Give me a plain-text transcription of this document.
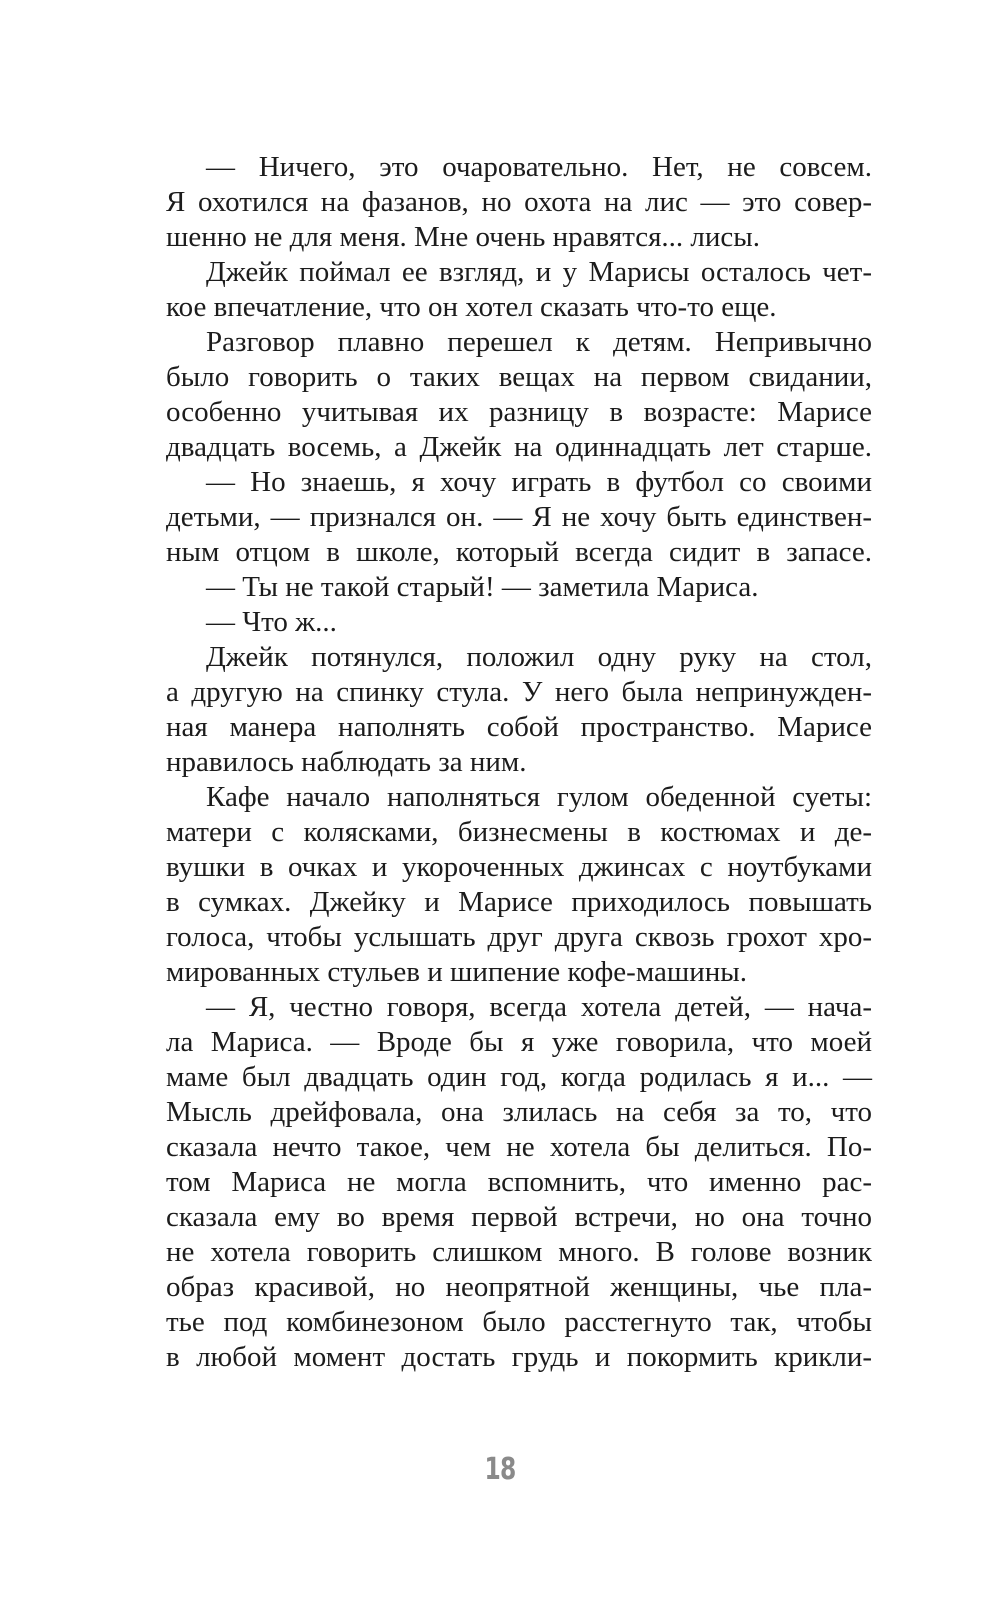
— Ничего, это очаровательно. Нет, не совсем.
Я охотился на фазанов, но охота на лис — это совер-
шенно не для меня. Мне очень нравятся... лисы.
Джейк поймал ее взгляд, и у Марисы осталось чет-
кое впечатление, что он хотел сказать что-то еще.
Разговор плавно перешел к детям. Непривычно
было говорить о таких вещах на первом свидании,
особенно учитывая их разницу в возрасте: Марисе
двадцать восемь, а Джейк на одиннадцать лет старше.
— Но знаешь, я хочу играть в футбол со своими
детьми, — признался он. — Я не хочу быть единствен-
ным отцом в школе, который всегда сидит в запасе.
— Ты не такой старый! — заметила Мариса.
— Что ж...
Джейк потянулся, положил одну руку на стол,
а другую на спинку стула. У него была непринужден-
ная манера наполнять собой пространство. Марисе
нравилось наблюдать за ним.
Кафе начало наполняться гулом обеденной суеты:
матери с колясками, бизнесмены в костюмах и де-
вушки в очках и укороченных джинсах с ноутбуками
в сумках. Джейку и Марисе приходилось повышать
голоса, чтобы услышать друг друга сквозь грохот хро-
мированных стульев и шипение кофе-машины.
— Я, честно говоря, всегда хотела детей, — нача-
ла Мариса. — Вроде бы я уже говорила, что моей
маме был двадцать один год, когда родилась я и... —
Мысль дрейфовала, она злилась на себя за то, что
сказала нечто такое, чем не хотела бы делиться. По-
том Мариса не могла вспомнить, что именно рас-
сказала ему во время первой встречи, но она точно
не хотела говорить слишком много. В голове возник
образ красивой, но неопрятной женщины, чье пла-
тье под комбинезоном было расстегнуто так, чтобы
в любой момент достать грудь и покормить крикли-
18
